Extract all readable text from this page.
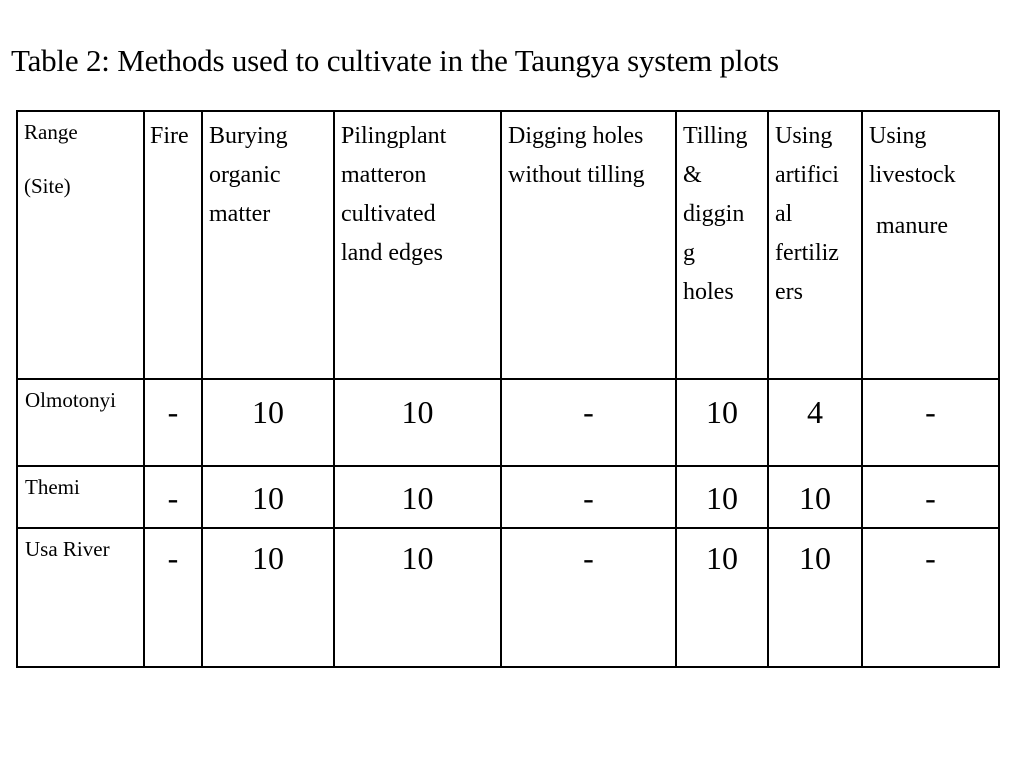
Table 2: Methods used to cultivate in the Taungya system plots
Range
(Site)	Fire	Burying
organic
matter	Pilingplant
matteron
cultivated
land edges	Digging holes
without tilling	Tilling
&
diggin
g
holes	Using
artifici
al
fertiliz
ers	Using
livestock
manure

Olmotonyi	-	10	10	-	10	4	-

Themi	-	10	10	-	10	10	-

Usa River	-	10	10	-	10	10	-
